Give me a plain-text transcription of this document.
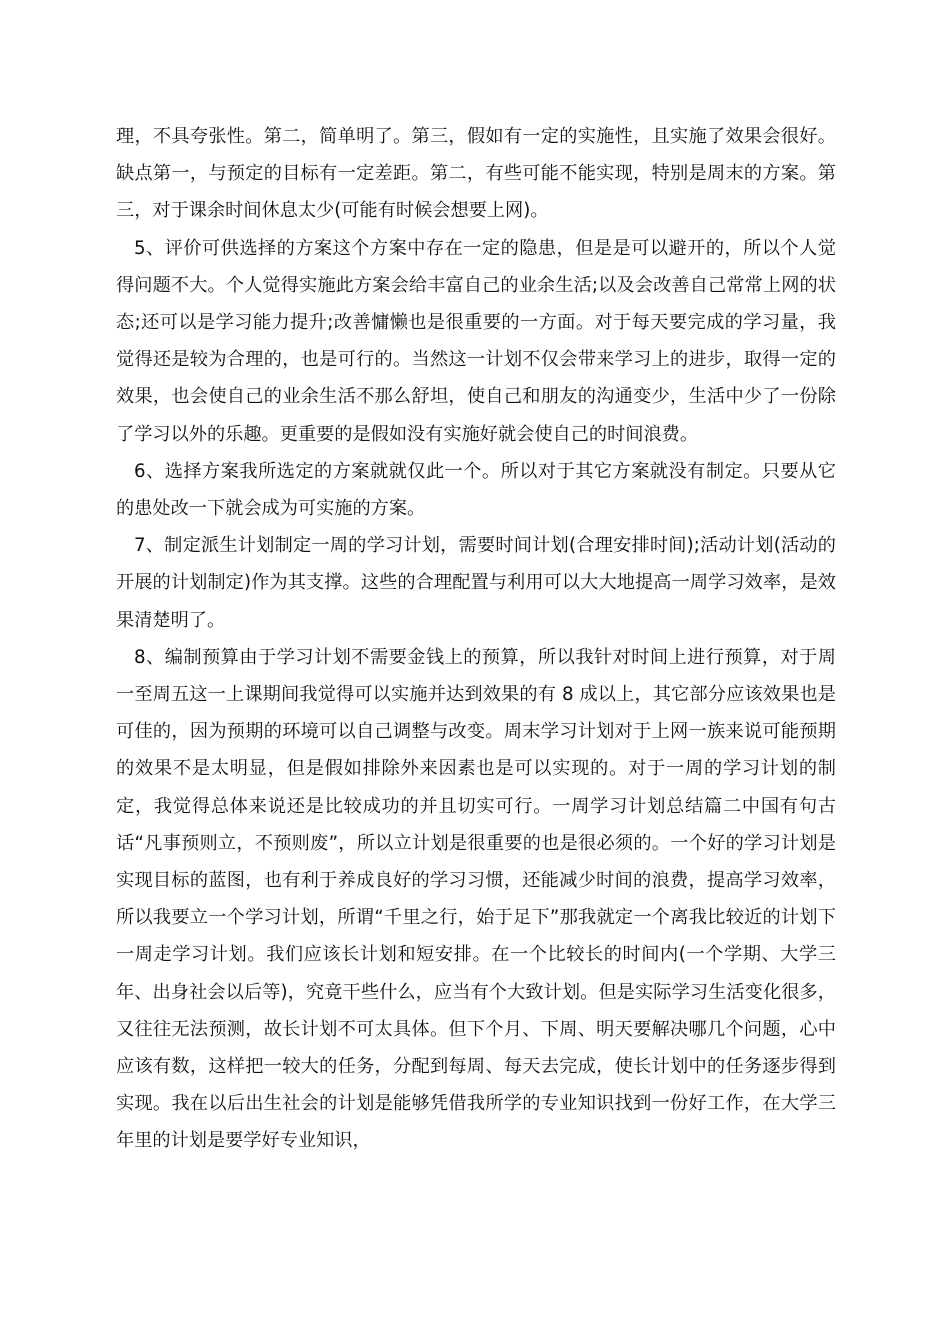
理，不具夸张性。第二，简单明了。第三，假如有一定的实施性，且实施了效果会很好。缺点第一，与预定的目标有一定差距。第二，有些可能不能实现，特别是周末的方案。第三，对于课余时间休息太少(可能有时候会想要上网)。

5、评价可供选择的方案这个方案中存在一定的隐患，但是是可以避开的，所以个人觉得问题不大。个人觉得实施此方案会给丰富自己的业余生活;以及会改善自己常常上网的状态;还可以是学习能力提升;改善慵懒也是很重要的一方面。对于每天要完成的学习量，我觉得还是较为合理的，也是可行的。当然这一计划不仅会带来学习上的进步，取得一定的效果，也会使自己的业余生活不那么舒坦，使自己和朋友的沟通变少，生活中少了一份除了学习以外的乐趣。更重要的是假如没有实施好就会使自己的时间浪费。

6、选择方案我所选定的方案就就仅此一个。所以对于其它方案就没有制定。只要从它的患处改一下就会成为可实施的方案。

7、制定派生计划制定一周的学习计划，需要时间计划(合理安排时间);活动计划(活动的开展的计划制定)作为其支撑。这些的合理配置与利用可以大大地提高一周学习效率，是效果清楚明了。

8、编制预算由于学习计划不需要金钱上的预算，所以我针对时间上进行预算，对于周一至周五这一上课期间我觉得可以实施并达到效果的有 8 成以上，其它部分应该效果也是可佳的，因为预期的环境可以自己调整与改变。周末学习计划对于上网一族来说可能预期的效果不是太明显，但是假如排除外来因素也是可以实现的。对于一周的学习计划的制定，我觉得总体来说还是比较成功的并且切实可行。一周学习计划总结篇二中国有句古话“凡事预则立，不预则废”，所以立计划是很重要的也是很必须的。一个好的学习计划是实现目标的蓝图，也有利于养成良好的学习习惯，还能减少时间的浪费，提高学习效率，所以我要立一个学习计划，所谓“千里之行，始于足下”那我就定一个离我比较近的计划下一周走学习计划。我们应该长计划和短安排。在一个比较长的时间内(一个学期、大学三年、出身社会以后等)，究竟干些什么，应当有个大致计划。但是实际学习生活变化很多，又往往无法预测，故长计划不可太具体。但下个月、下周、明天要解决哪几个问题，心中应该有数，这样把一较大的任务，分配到每周、每天去完成，使长计划中的任务逐步得到实现。我在以后出生社会的计划是能够凭借我所学的专业知识找到一份好工作，在大学三年里的计划是要学好专业知识，
